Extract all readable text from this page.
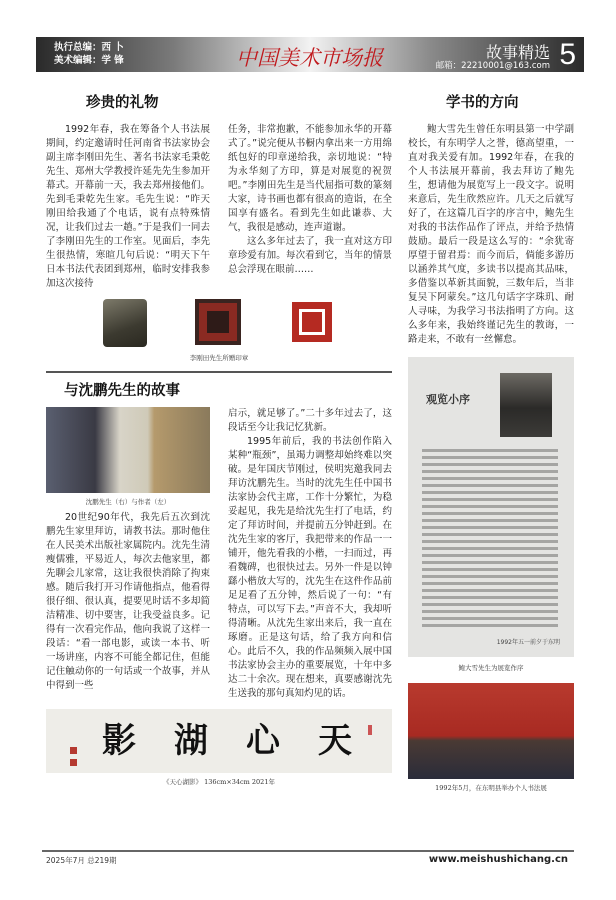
执行总编：西 卜
美术编辑：学 锋	中国美术市场报	故事精选
邮箱：22210001@163.com 5
珍贵的礼物

1992年春，我在筹备个人书法展期间，约定邀请时任河南省书法家协会副主席李刚田先生、著名书法家毛秉乾先生、郑州大学教授许延先先生参加开幕式。开幕前一天，我去郑州接他们。先到毛秉乾先生家。毛先生说：“昨天刚田给我通了个电话，说有点特殊情况，让我们过去一趟。”于是我们一同去了李刚田先生的工作室。见面后，李先生很热情，寒暄几句后说：“明天下午日本书法代表团到郑州，临时安排我参加这次接待

任务，非常抱歉，不能参加永华的开幕式了。”说完便从书橱内拿出来一方用绵纸包好的印章递给我，亲切地说：“特为永华刻了方印，算是对展览的祝贺吧。”李刚田先生是当代屈指可数的篆刻大家，诗书画也都有很高的造诣，在全国享有盛名。看到先生如此谦恭、大气，我很是感动，连声道谢。

这么多年过去了，我一直对这方印章珍爱有加。每次看到它，当年的情景总会浮现在眼前……

李刚田先生所赠印章
与沈鹏先生的故事
沈鹏先生（右）与作者（左）

20世纪90年代，我先后五次到沈鹏先生家里拜访，请教书法。那时他住在人民美术出版社家属院内。沈先生清瘦儒雅，平易近人，每次去他家里，都先聊会儿家常，这让我很快消除了拘束感。随后我打开习作请他指点，他看得很仔细、很认真，提要见时话不多却简洁精准、切中要害，让我受益良多。记得有一次看完作品，他向我说了这样一段话：“看一部电影，或读一本书、听一场讲座，内容不可能全都记住，但能记住触动你的一句话或一个故事，并从中得到一些

启示，就足够了。”二十多年过去了，这段话至今让我记忆犹新。

1995年前后，我的书法创作陷入某种“瓶颈”，虽竭力调整却始终难以突破。是年国庆节刚过，侯明宪邀我同去拜访沈鹏先生。当时的沈先生任中国书法家协会代主席，工作十分繁忙，为稳妥起见，我先是给沈先生打了电话，约定了拜访时间，并提前五分钟赶到。在沈先生家的客厅，我把带来的作品一一铺开，他先看我的小楷，一扫而过，再看魏碑，也很快过去。另外一件是以钟繇小楷放大写的，沈先生在这件作品前足足看了五分钟，然后说了一句：“有特点，可以写下去。”声音不大，我却听得清晰。从沈先生家出来后，我一直在琢磨。正是这句话，给了我方向和信心。此后不久，我的作品频频入展中国书法家协会主办的重要展览，十年中多达二十余次。现在想来，真要感谢沈先生送我的那句真知灼见的话。

天
心
湖
影
《天心湖影》 136cm×34cm 2021年
学书的方向

鲍大雪先生曾任东明县第一中学副校长，有东明学人之誉，德高望重，一直对我关爱有加。1992年春，在我的个人书法展开幕前，我去拜访了鲍先生，想请他为展览写上一段文字。说明来意后，先生欣然应许。几天之后就写好了，在这篇几百字的序言中，鲍先生对我的书法作品作了评点，并给予热情鼓励。最后一段是这么写的：“余犹寄厚望于留君焉：而今而后，倘能多游历以涵养其气度，多读书以提高其品味，多借鉴以革新其面貌，三数年后，当非复吴下阿蒙矣。”这几句话字字珠玑、耐人寻味，为我学习书法指明了方向。这么多年来，我始终谨记先生的教诲，一路走来，不敢有一丝懈怠。

观览小序
1992年五一前夕于东明
鲍大雪先生为展览作序
1992年5月，在东明县举办个人书法展
2025年7月 总219期	www.meishushichang.cn
